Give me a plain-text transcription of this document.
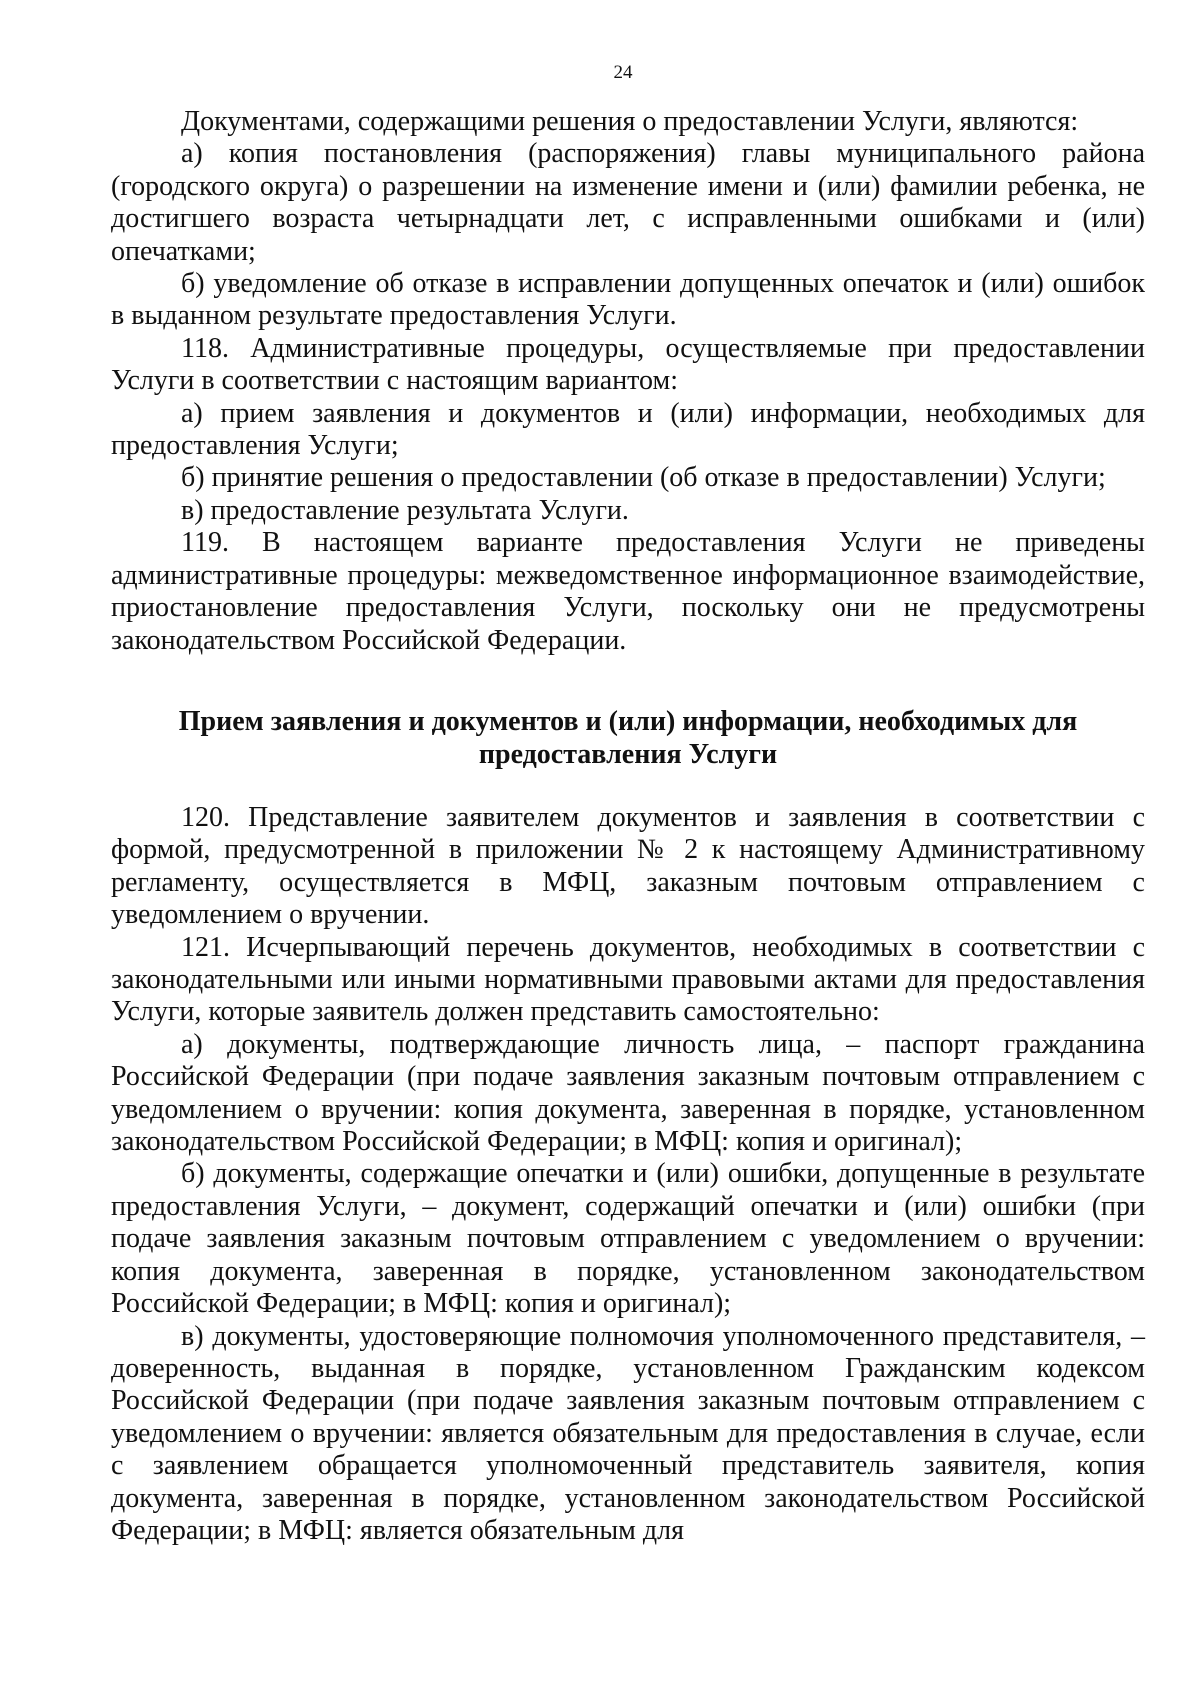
24

Документами, содержащими решения о предоставлении Услуги, являются:

а) копия постановления (распоряжения) главы муниципального района (городского округа) о разрешении на изменение имени и (или) фамилии ребенка, не достигшего возраста четырнадцати лет, с исправленными ошибками и (или) опечатками;

б) уведомление об отказе в исправлении допущенных опечаток и (или) ошибок в выданном результате предоставления Услуги.

118. Административные процедуры, осуществляемые при предоставлении Услуги в соответствии с настоящим вариантом:

а) прием заявления и документов и (или) информации, необходимых для предоставления Услуги;

б) принятие решения о предоставлении (об отказе в предоставлении) Услуги;

в) предоставление результата Услуги.

119. В настоящем варианте предоставления Услуги не приведены административные процедуры: межведомственное информационное взаимодействие, приостановление предоставления Услуги, поскольку они не предусмотрены законодательством Российской Федерации.

Прием заявления и документов и (или) информации, необходимых для
предоставления Услуги

120. Представление заявителем документов и заявления в соответствии с формой, предусмотренной в приложении № 2 к настоящему Административному регламенту, осуществляется в МФЦ, заказным почтовым отправлением с уведомлением о вручении.

121. Исчерпывающий перечень документов, необходимых в соответствии с законодательными или иными нормативными правовыми актами для предоставления Услуги, которые заявитель должен представить самостоятельно:

а) документы, подтверждающие личность лица, – паспорт гражданина Российской Федерации (при подаче заявления заказным почтовым отправлением с уведомлением о вручении: копия документа, заверенная в порядке, установленном законодательством Российской Федерации; в МФЦ: копия и оригинал);

б) документы, содержащие опечатки и (или) ошибки, допущенные в результате предоставления Услуги, – документ, содержащий опечатки и (или) ошибки (при подаче заявления заказным почтовым отправлением с уведомлением о вручении: копия документа, заверенная в порядке, установленном законодательством Российской Федерации; в МФЦ: копия и оригинал);

в) документы, удостоверяющие полномочия уполномоченного представителя, – доверенность, выданная в порядке, установленном Гражданским кодексом Российской Федерации (при подаче заявления заказным почтовым отправлением с уведомлением о вручении: является обязательным для предоставления в случае, если с заявлением обращается уполномоченный представитель заявителя, копия документа, заверенная в порядке, установленном законодательством Российской Федерации; в МФЦ: является обязательным для
